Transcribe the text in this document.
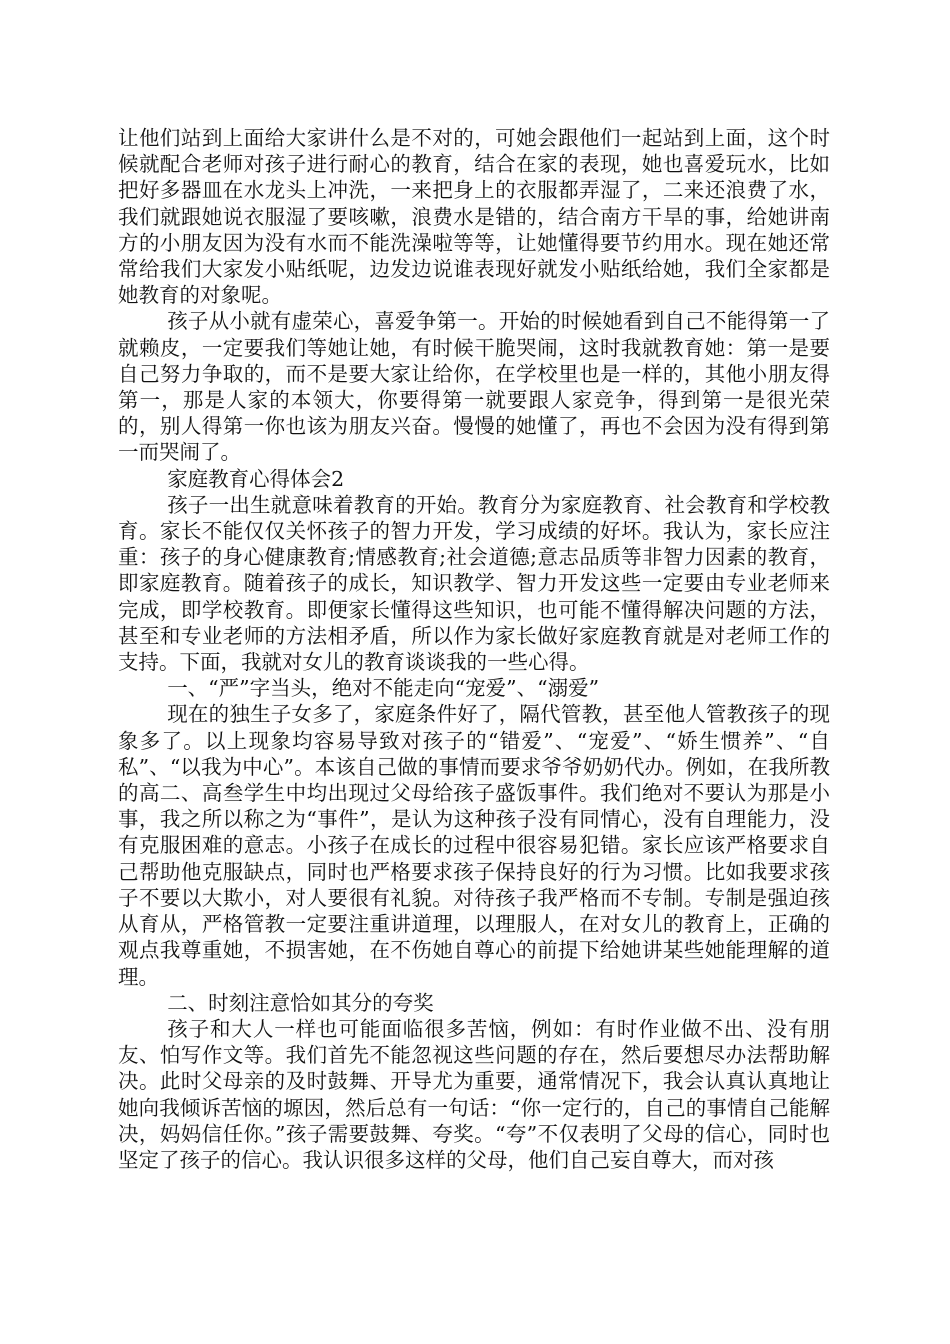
让他们站到上面给大家讲什么是不对的，可她会跟他们一起站到上面，这个时候就配合老师对孩子进行耐心的教育，结合在家的表现，她也喜爱玩水，比如把好多器皿在水龙头上冲洗，一来把身上的衣服都弄湿了，二来还浪费了水，我们就跟她说衣服湿了要咳嗽，浪费水是错的，结合南方干旱的事，给她讲南方的小朋友因为没有水而不能洗澡啦等等，让她懂得要节约用水。现在她还常常给我们大家发小贴纸呢，边发边说谁表现好就发小贴纸给她，我们全家都是她教育的对象呢。

孩子从小就有虚荣心，喜爱争第一。开始的时候她看到自己不能得第一了就赖皮，一定要我们等她让她，有时候干脆哭闹，这时我就教育她：第一是要自己努力争取的，而不是要大家让给你，在学校里也是一样的，其他小朋友得第一，那是人家的本领大，你要得第一就要跟人家竞争，得到第一是很光荣的，别人得第一你也该为朋友兴奋。慢慢的她懂了，再也不会因为没有得到第一而哭闹了。

家庭教育心得体会2

孩子一出生就意味着教育的开始。教育分为家庭教育、社会教育和学校教育。家长不能仅仅关怀孩子的智力开发，学习成绩的好坏。我认为，家长应注重：孩子的身心健康教育;情感教育;社会道德;意志品质等非智力因素的教育，即家庭教育。随着孩子的成长，知识教学、智力开发这些一定要由专业老师来完成，即学校教育。即便家长懂得这些知识，也可能不懂得解决问题的方法，甚至和专业老师的方法相矛盾，所以作为家长做好家庭教育就是对老师工作的支持。下面，我就对女儿的教育谈谈我的一些心得。

一、“严”字当头，绝对不能走向“宠爱”、“溺爱”

现在的独生子女多了，家庭条件好了，隔代管教，甚至他人管教孩子的现象多了。以上现象均容易导致对孩子的“错爱”、“宠爱”、“娇生惯养”、“自私”、“以我为中心”。本该自己做的事情而要求爷爷奶奶代办。例如，在我所教的高二、高叁学生中均出现过父母给孩子盛饭事件。我们绝对不要认为那是小事，我之所以称之为“事件”，是认为这种孩子没有同情心，没有自理能力，没有克服困难的意志。小孩子在成长的过程中很容易犯错。家长应该严格要求自己帮助他克服缺点，同时也严格要求孩子保持良好的行为习惯。比如我要求孩子不要以大欺小，对人要很有礼貌。对待孩子我严格而不专制。专制是强迫孩从育从，严格管教一定要注重讲道理，以理服人，在对女儿的教育上，正确的观点我尊重她，不损害她，在不伤她自尊心的前提下给她讲某些她能理解的道理。

二、时刻注意恰如其分的夸奖

孩子和大人一样也可能面临很多苦恼，例如：有时作业做不出、没有朋友、怕写作文等。我们首先不能忽视这些问题的存在，然后要想尽办法帮助解决。此时父母亲的及时鼓舞、开导尤为重要，通常情况下，我会认真认真地让她向我倾诉苦恼的塬因，然后总有一句话：“你一定行的，自己的事情自己能解决，妈妈信任你。”孩子需要鼓舞、夸奖。“夸”不仅表明了父母的信心，同时也坚定了孩子的信心。我认识很多这样的父母，他们自己妄自尊大，而对孩
